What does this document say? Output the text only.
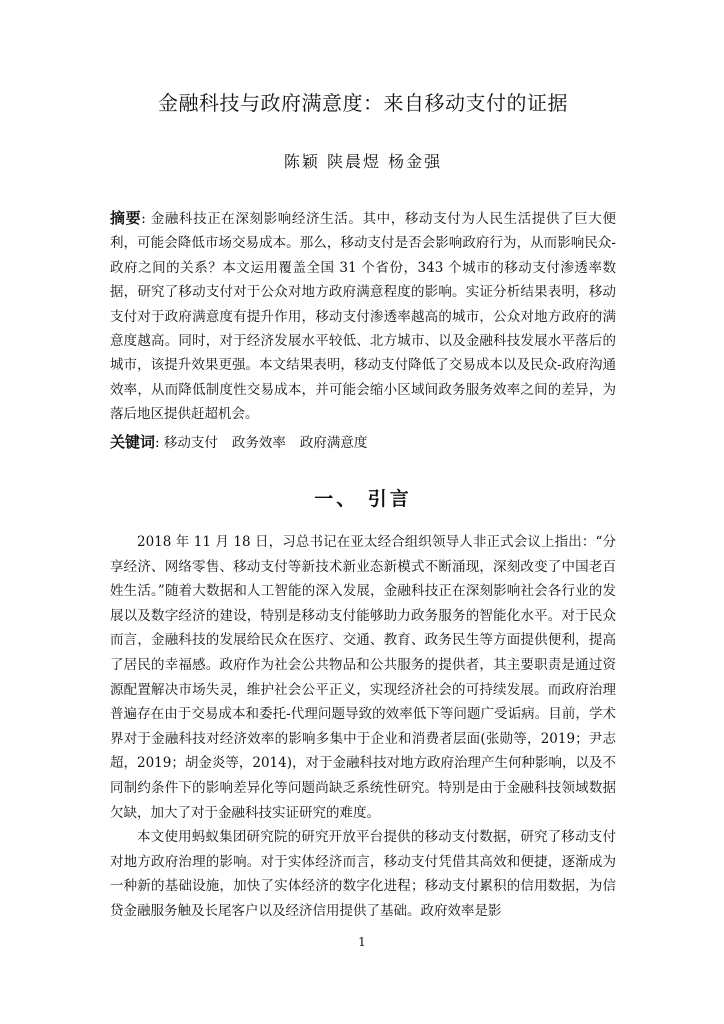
金融科技与政府满意度：来自移动支付的证据
陈颖 陕晨煜 杨金强
摘要: 金融科技正在深刻影响经济生活。其中，移动支付为人民生活提供了巨大便利，可能会降低市场交易成本。那么，移动支付是否会影响政府行为，从而影响民众-政府之间的关系？本文运用覆盖全国 31 个省份，343 个城市的移动支付渗透率数据，研究了移动支付对于公众对地方政府满意程度的影响。实证分析结果表明，移动支付对于政府满意度有提升作用，移动支付渗透率越高的城市，公众对地方政府的满意度越高。同时，对于经济发展水平较低、北方城市、以及金融科技发展水平落后的城市，该提升效果更强。本文结果表明，移动支付降低了交易成本以及民众-政府沟通效率，从而降低制度性交易成本，并可能会缩小区域间政务服务效率之间的差异，为落后地区提供赶超机会。
关键词: 移动支付 政务效率 政府满意度
一、 引言

2018 年 11 月 18 日，习总书记在亚太经合组织领导人非正式会议上指出：“分享经济、网络零售、移动支付等新技术新业态新模式不断涌现，深刻改变了中国老百姓生活。”随着大数据和人工智能的深入发展，金融科技正在深刻影响社会各行业的发展以及数字经济的建设，特别是移动支付能够助力政务服务的智能化水平。对于民众而言，金融科技的发展给民众在医疗、交通、教育、政务民生等方面提供便利，提高了居民的幸福感。政府作为社会公共物品和公共服务的提供者，其主要职责是通过资源配置解决市场失灵，维护社会公平正义，实现经济社会的可持续发展。而政府治理普遍存在由于交易成本和委托-代理问题导致的效率低下等问题广受诟病。目前，学术界对于金融科技对经济效率的影响多集中于企业和消费者层面(张勋等，2019；尹志超，2019；胡金炎等，2014)，对于金融科技对地方政府治理产生何种影响，以及不同制约条件下的影响差异化等问题尚缺乏系统性研究。特别是由于金融科技领域数据欠缺，加大了对于金融科技实证研究的难度。

本文使用蚂蚁集团研究院的研究开放平台提供的移动支付数据，研究了移动支付对地方政府治理的影响。对于实体经济而言，移动支付凭借其高效和便捷，逐渐成为一种新的基础设施，加快了实体经济的数字化进程；移动支付累积的信用数据，为信贷金融服务触及长尾客户以及经济信用提供了基础。政府效率是影

1
